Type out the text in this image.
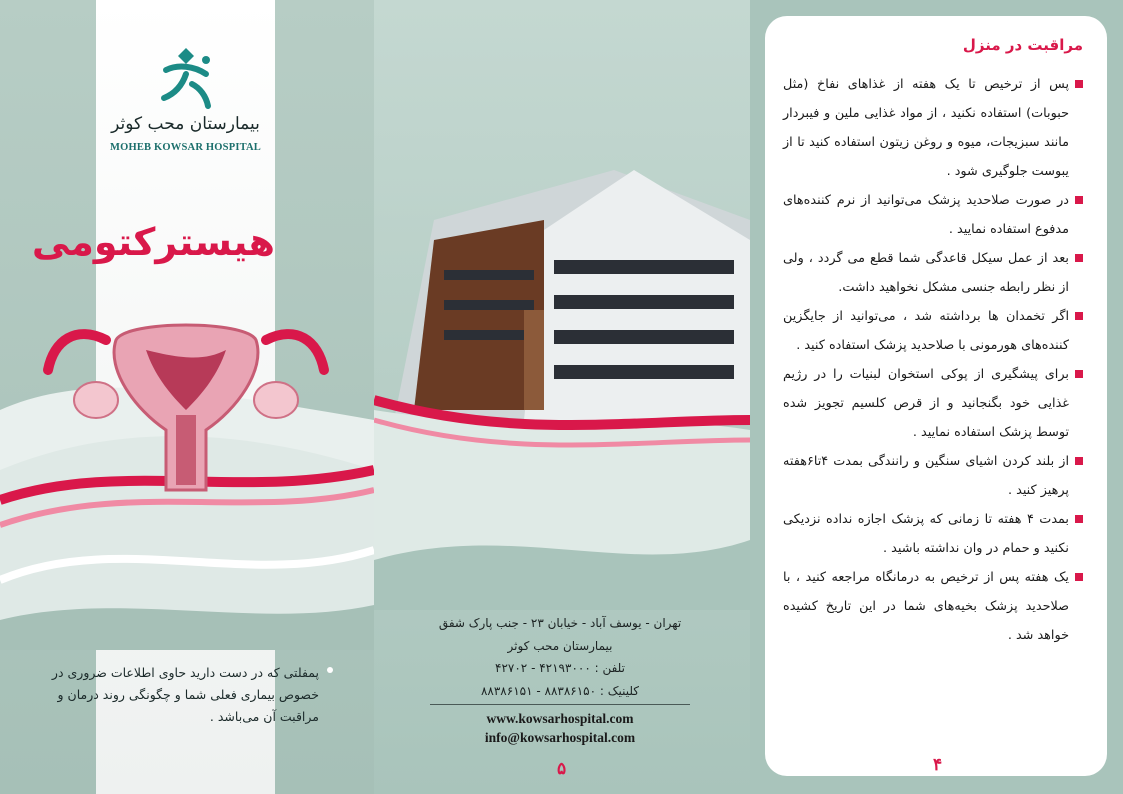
بیمارستان محب کوثر
MOHEB KOWSAR HOSPITAL
هیسترکتومی
پمفلتی که در دست دارید حاوی اطلاعات ضروری در خصوص بیماری فعلی شما و چگونگی روند درمان و مراقبت آن می‌باشد .
تهران - یوسف آباد - خیابان ۲۳ - جنب پارک شفق
بیمارستان محب کوثر
تلفن : ۴۲۱۹۳۰۰۰ - ۴۲۷۰۲
کلینیک : ۸۸۳۸۶۱۵۰ - ۸۸۳۸۶۱۵۱
www.kowsarhospital.com
info@kowsarhospital.com
۵
مراقبت در منزل
پس از ترخیص تا یک هفته از غذاهای نفاخ (مثل حبوبات) استفاده نکنید ، از مواد غذایی ملین و فیبردار مانند سبزیجات، میوه و روغن زیتون استفاده کنید تا از یبوست جلوگیری شود .
در صورت صلاحدید پزشک می‌توانید از نرم کننده‌های مدفوع استفاده نمایید .
بعد از عمل سیکل قاعدگی شما قطع می گردد ، ولی از نظر رابطه جنسی مشکل نخواهید داشت.
اگر تخمدان ها برداشته شد ، می‌توانید از جایگزین کننده‌های هورمونی با صلاحدید پزشک استفاده کنید .
برای پیشگیری از پوکی استخوان لبنیات را در رژیم غذایی خود بگنجانید و از قرص کلسیم تجویز شده توسط پزشک استفاده نمایید .
از بلند کردن اشیای سنگین و رانندگی بمدت ۴تا۶هفته پرهیز کنید .
بمدت ۴ هفته تا زمانی که پزشک اجازه نداده نزدیکی نکنید و حمام در وان نداشته باشید .
یک هفته پس از ترخیص به درمانگاه مراجعه کنید ، با صلاحدید پزشک بخیه‌های شما در این تاریخ کشیده خواهد شد .
۴
